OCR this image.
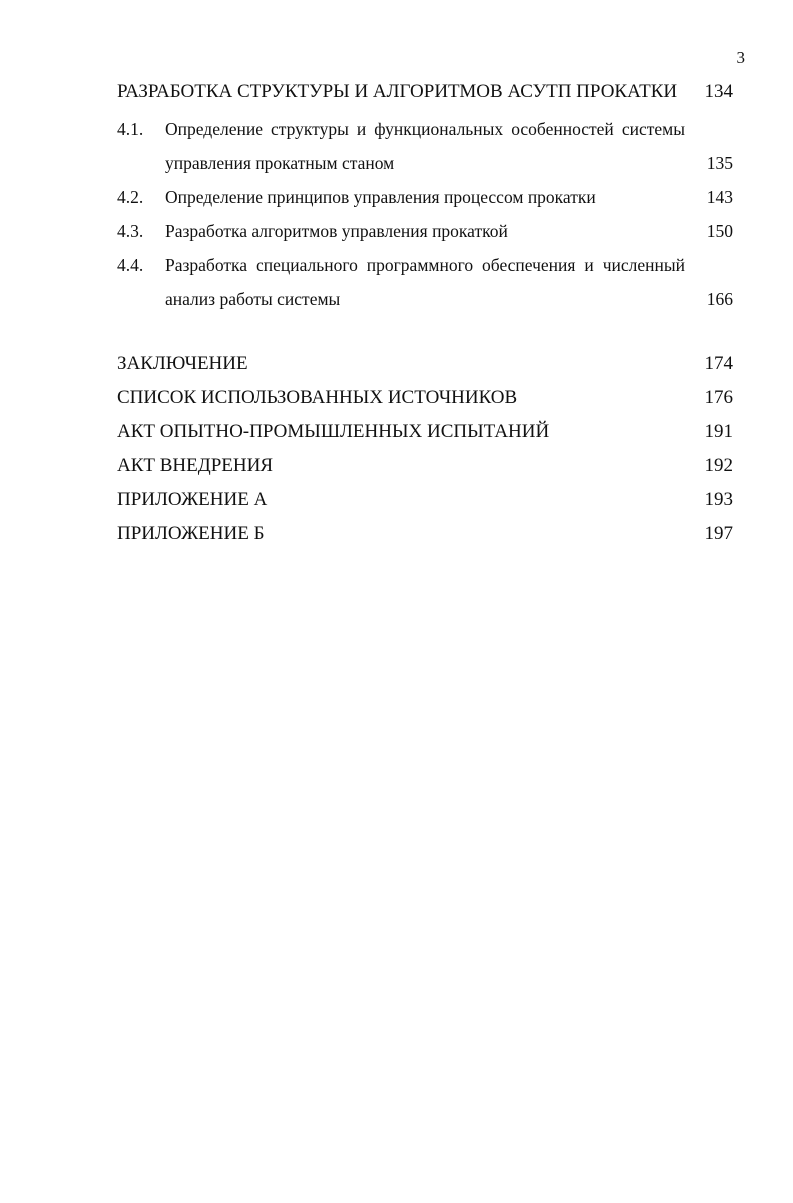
3
РАЗРАБОТКА СТРУКТУРЫ И АЛГОРИТМОВ АСУТП ПРОКАТКИ	134
4.1.	Определение структуры и функциональных особенностей системы управления прокатным станом	135
4.2.	Определение принципов управления процессом прокатки	143
4.3.	Разработка алгоритмов управления прокаткой	150
4.4.	Разработка специального программного обеспечения и численный анализ работы системы	166
ЗАКЛЮЧЕНИЕ	174
СПИСОК ИСПОЛЬЗОВАННЫХ ИСТОЧНИКОВ	176
АКТ ОПЫТНО-ПРОМЫШЛЕННЫХ ИСПЫТАНИЙ	191
АКТ ВНЕДРЕНИЯ	192
ПРИЛОЖЕНИЕ А	193
ПРИЛОЖЕНИЕ Б	197
